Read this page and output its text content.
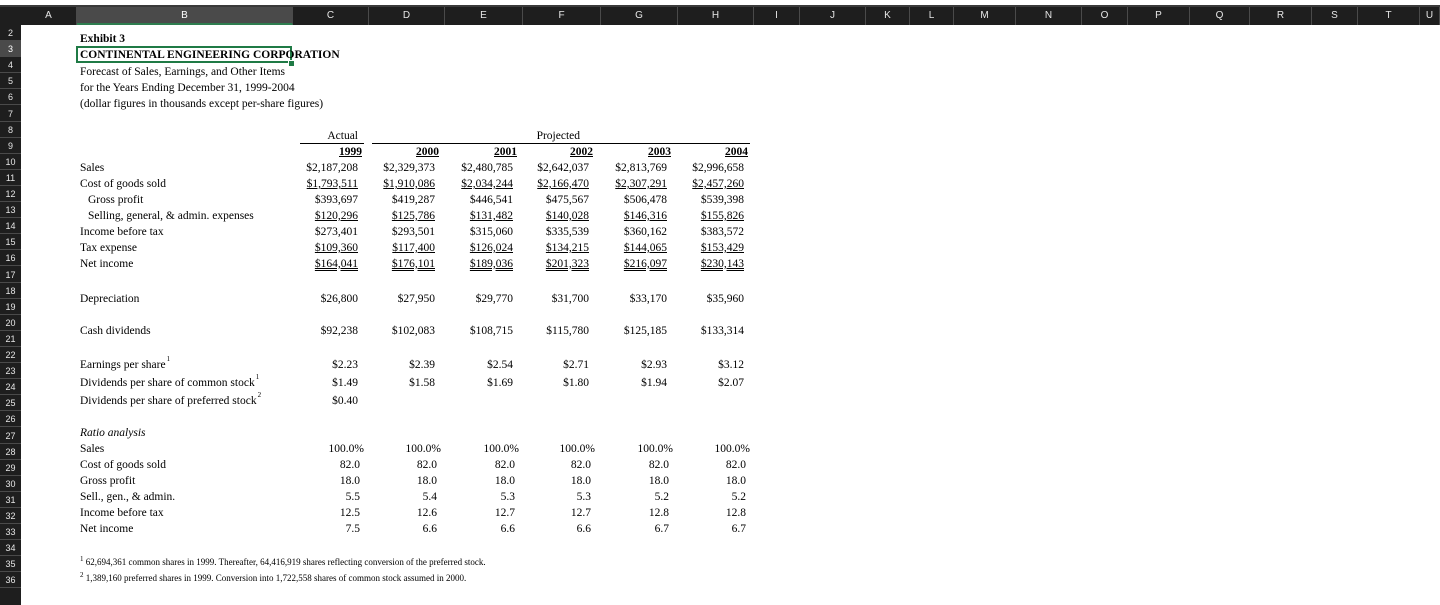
A	B	C	D	E	F	G	H	I	J	K	L	M	N	O	P	Q	R	S	T	U
2
3
4
5
6
7
8
9
10
11
12
13
14
15
16
17
18
19
20
21
22
23
24
25
26
27
28
29
30
31
32
33
34
35
36
Exhibit 3
CONTINENTAL ENGINEERING CORPORATION
Forecast of Sales, Earnings, and Other Items
for the Years Ending December 31, 1999-2004
(dollar figures in thousands except per-share figures)
Actual	Projected
1999	2000	2001	2002	2003	2004
Sales	$2,187,208	$2,329,373	$2,480,785	$2,642,037	$2,813,769	$2,996,658
Cost of goods sold	$1,793,511	$1,910,086	$2,034,244	$2,166,470	$2,307,291	$2,457,260
Gross profit	$393,697	$419,287	$446,541	$475,567	$506,478	$539,398
Selling, general, & admin. expenses	$120,296	$125,786	$131,482	$140,028	$146,316	$155,826
Income before tax	$273,401	$293,501	$315,060	$335,539	$360,162	$383,572
Tax expense	$109,360	$117,400	$126,024	$134,215	$144,065	$153,429
Net income	$164,041	$176,101	$189,036	$201,323	$216,097	$230,143
Depreciation	$26,800	$27,950	$29,770	$31,700	$33,170	$35,960
Cash dividends	$92,238	$102,083	$108,715	$115,780	$125,185	$133,314
Earnings per share 1	$2.23	$2.39	$2.54	$2.71	$2.93	$3.12
Dividends per share of common stock 1	$1.49	$1.58	$1.69	$1.80	$1.94	$2.07
Dividends per share of preferred stock 2	$0.40
Ratio analysis
Sales	100.0%	100.0%	100.0%	100.0%	100.0%	100.0%
Cost of goods sold	82.0	82.0	82.0	82.0	82.0	82.0
Gross profit	18.0	18.0	18.0	18.0	18.0	18.0
Sell., gen., & admin.	5.5	5.4	5.3	5.3	5.2	5.2
Income before tax	12.5	12.6	12.7	12.7	12.8	12.8
Net income	7.5	6.6	6.6	6.6	6.7	6.7
$^1$ 62,694,361 common shares in 1999. Thereafter, 64,416,919 shares reflecting conversion of the preferred stock.
$^2$ 1,389,160 preferred shares in 1999. Conversion into 1,722,558 shares of common stock assumed in 2000.
